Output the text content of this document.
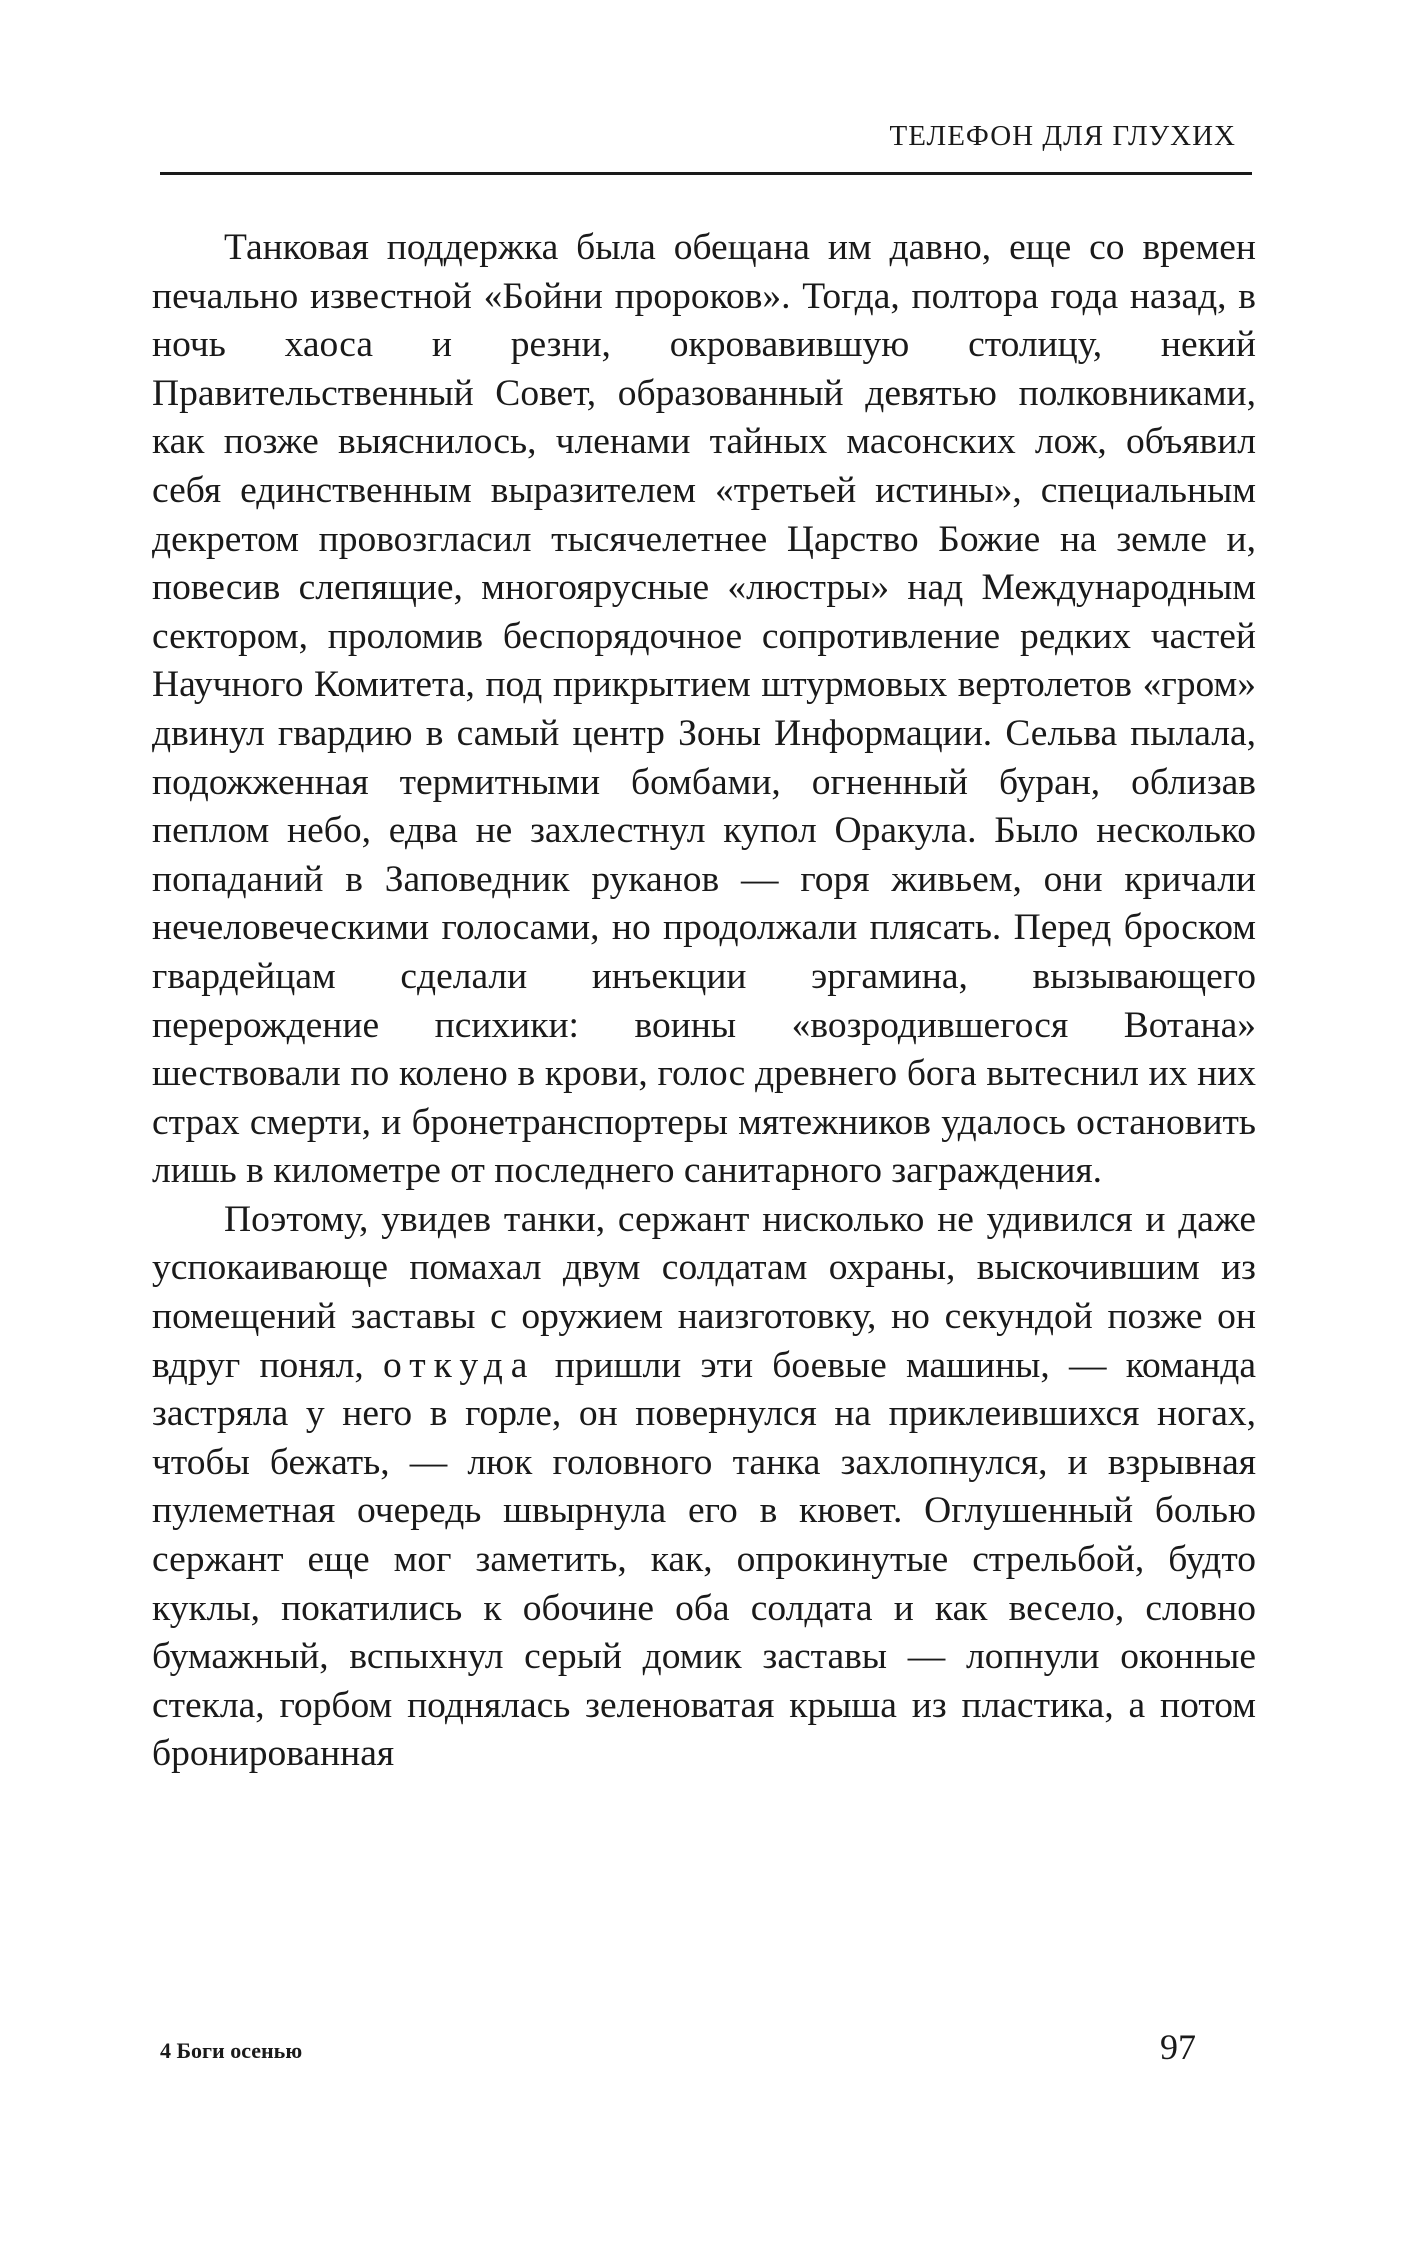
ТЕЛЕФОН ДЛЯ ГЛУХИХ

Танковая поддержка была обещана им давно, еще со времен печально известной «Бойни пророков». Тогда, полтора года назад, в ночь хаоса и резни, окровавившую столицу, некий Правительственный Совет, образованный девятью полковниками, как позже выяснилось, членами тайных масонских лож, объявил себя единственным выразителем «третьей истины», специальным декретом провозгласил тысячелетнее Царство Божие на земле и, повесив слепящие, многоярусные «люстры» над Международным сектором, проломив беспорядочное сопротивление редких частей Научного Комитета, под прикрытием штурмовых вертолетов «гром» двинул гвардию в самый центр Зоны Информации. Сельва пылала, подожженная термитными бомбами, огненный буран, облизав пеплом небо, едва не захлестнул купол Оракула. Было несколько попаданий в Заповедник руканов — горя живьем, они кричали нечеловеческими голосами, но продолжали плясать. Перед броском гвардейцам сделали инъекции эргамина, вызывающего перерождение психики: воины «возродившегося Вотана» шествовали по колено в крови, голос древнего бога вытеснил их них страх смерти, и бронетранспортеры мятежников удалось остановить лишь в километре от последнего санитарного заграждения.

Поэтому, увидев танки, сержант нисколько не удивился и даже успокаивающе помахал двум солдатам охраны, выскочившим из помещений заставы с оружием наизготовку, но секундой позже он вдруг понял, откуда пришли эти боевые машины, — команда застряла у него в горле, он повернулся на приклеившихся ногах, чтобы бежать, — люк головного танка захлопнулся, и взрывная пулеметная очередь швырнула его в кювет. Оглушенный болью сержант еще мог заметить, как, опрокинутые стрельбой, будто куклы, покатились к обочине оба солдата и как весело, словно бумажный, вспыхнул серый домик заставы — лопнули оконные стекла, горбом поднялась зеленоватая крыша из пластика, а потом бронированная

4 Боги осенью	97
